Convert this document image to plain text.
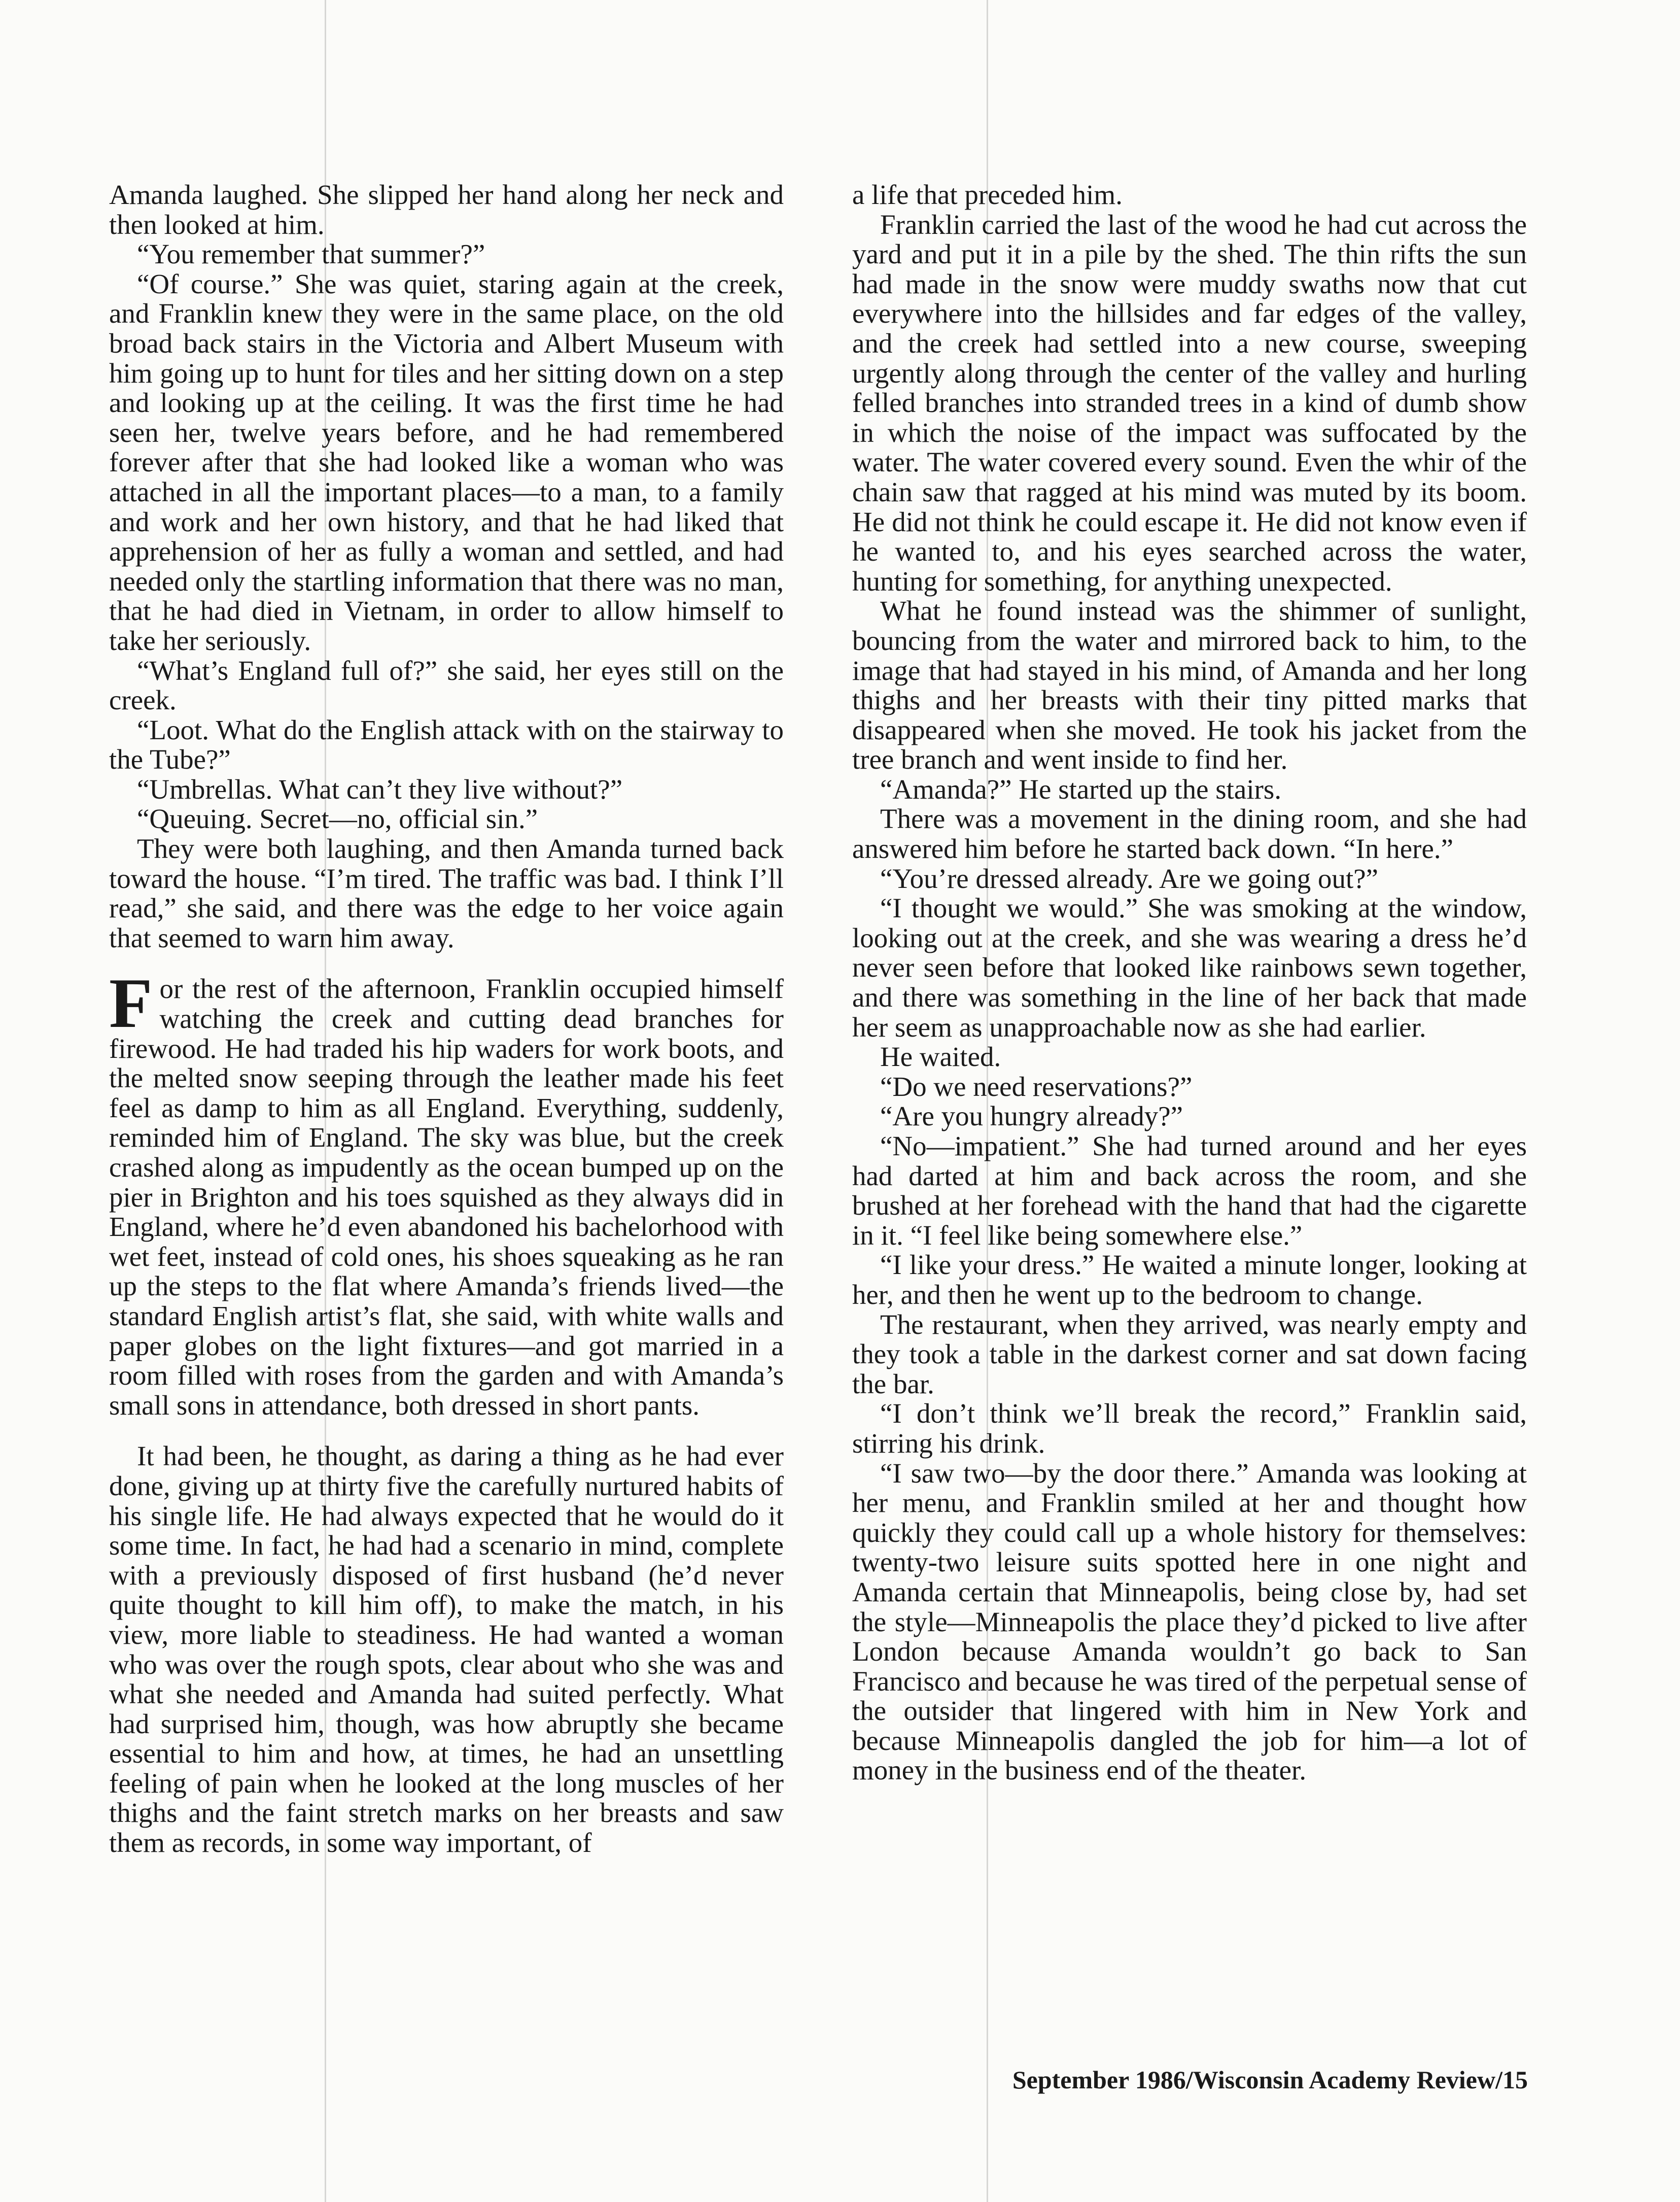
Amanda laughed. She slipped her hand along her neck and then looked at him.

“You remember that summer?”

“Of course.” She was quiet, staring again at the creek, and Franklin knew they were in the same place, on the old broad back stairs in the Victoria and Albert Museum with him going up to hunt for tiles and her sitting down on a step and looking up at the ceiling. It was the first time he had seen her, twelve years before, and he had remembered forever after that she had looked like a woman who was attached in all the important places—to a man, to a family and work and her own history, and that he had liked that apprehension of her as fully a woman and settled, and had needed only the startling information that there was no man, that he had died in Vietnam, in order to allow himself to take her seriously.

“What’s England full of?” she said, her eyes still on the creek.

“Loot. What do the English attack with on the stairway to the Tube?”

“Umbrellas. What can’t they live without?”

“Queuing. Secret—no, official sin.”

They were both laughing, and then Amanda turned back toward the house. “I’m tired. The traffic was bad. I think I’ll read,” she said, and there was the edge to her voice again that seemed to warn him away.

For the rest of the afternoon, Franklin occupied himself watching the creek and cutting dead branches for firewood. He had traded his hip waders for work boots, and the melted snow seeping through the leather made his feet feel as damp to him as all England. Everything, suddenly, reminded him of England. The sky was blue, but the creek crashed along as impudently as the ocean bumped up on the pier in Brighton and his toes squished as they always did in England, where he’d even abandoned his bachelorhood with wet feet, instead of cold ones, his shoes squeaking as he ran up the steps to the flat where Amanda’s friends lived—the standard English artist’s flat, she said, with white walls and paper globes on the light fixtures—and got married in a room filled with roses from the garden and with Amanda’s small sons in attendance, both dressed in short pants.

It had been, he thought, as daring a thing as he had ever done, giving up at thirty five the carefully nurtured habits of his single life. He had always expected that he would do it some time. In fact, he had had a scenario in mind, complete with a previously disposed of first husband (he’d never quite thought to kill him off), to make the match, in his view, more liable to steadiness. He had wanted a woman who was over the rough spots, clear about who she was and what she needed and Amanda had suited perfectly. What had surprised him, though, was how abruptly she became essential to him and how, at times, he had an unsettling feeling of pain when he looked at the long muscles of her thighs and the faint stretch marks on her breasts and saw them as records, in some way important, of

a life that preceded him.

Franklin carried the last of the wood he had cut across the yard and put it in a pile by the shed. The thin rifts the sun had made in the snow were muddy swaths now that cut everywhere into the hillsides and far edges of the valley, and the creek had settled into a new course, sweeping urgently along through the center of the valley and hurling felled branches into stranded trees in a kind of dumb show in which the noise of the impact was suffocated by the water. The water covered every sound. Even the whir of the chain saw that ragged at his mind was muted by its boom. He did not think he could escape it. He did not know even if he wanted to, and his eyes searched across the water, hunting for something, for anything unexpected.

What he found instead was the shimmer of sunlight, bouncing from the water and mirrored back to him, to the image that had stayed in his mind, of Amanda and her long thighs and her breasts with their tiny pitted marks that disappeared when she moved. He took his jacket from the tree branch and went inside to find her.

“Amanda?” He started up the stairs.

There was a movement in the dining room, and she had answered him before he started back down. “In here.”

“You’re dressed already. Are we going out?”

“I thought we would.” She was smoking at the window, looking out at the creek, and she was wearing a dress he’d never seen before that looked like rainbows sewn together, and there was something in the line of her back that made her seem as unapproachable now as she had earlier.

He waited.

“Do we need reservations?”

“Are you hungry already?”

“No—impatient.” She had turned around and her eyes had darted at him and back across the room, and she brushed at her forehead with the hand that had the cigarette in it. “I feel like being somewhere else.”

“I like your dress.” He waited a minute longer, looking at her, and then he went up to the bedroom to change.

The restaurant, when they arrived, was nearly empty and they took a table in the darkest corner and sat down facing the bar.

“I don’t think we’ll break the record,” Franklin said, stirring his drink.

“I saw two—by the door there.” Amanda was looking at her menu, and Franklin smiled at her and thought how quickly they could call up a whole history for themselves: twenty-two leisure suits spotted here in one night and Amanda certain that Minneapolis, being close by, had set the style—Minneapolis the place they’d picked to live after London because Amanda wouldn’t go back to San Francisco and because he was tired of the perpetual sense of the outsider that lingered with him in New York and because Minneapolis dangled the job for him—a lot of money in the business end of the theater.

September 1986/Wisconsin Academy Review/15
